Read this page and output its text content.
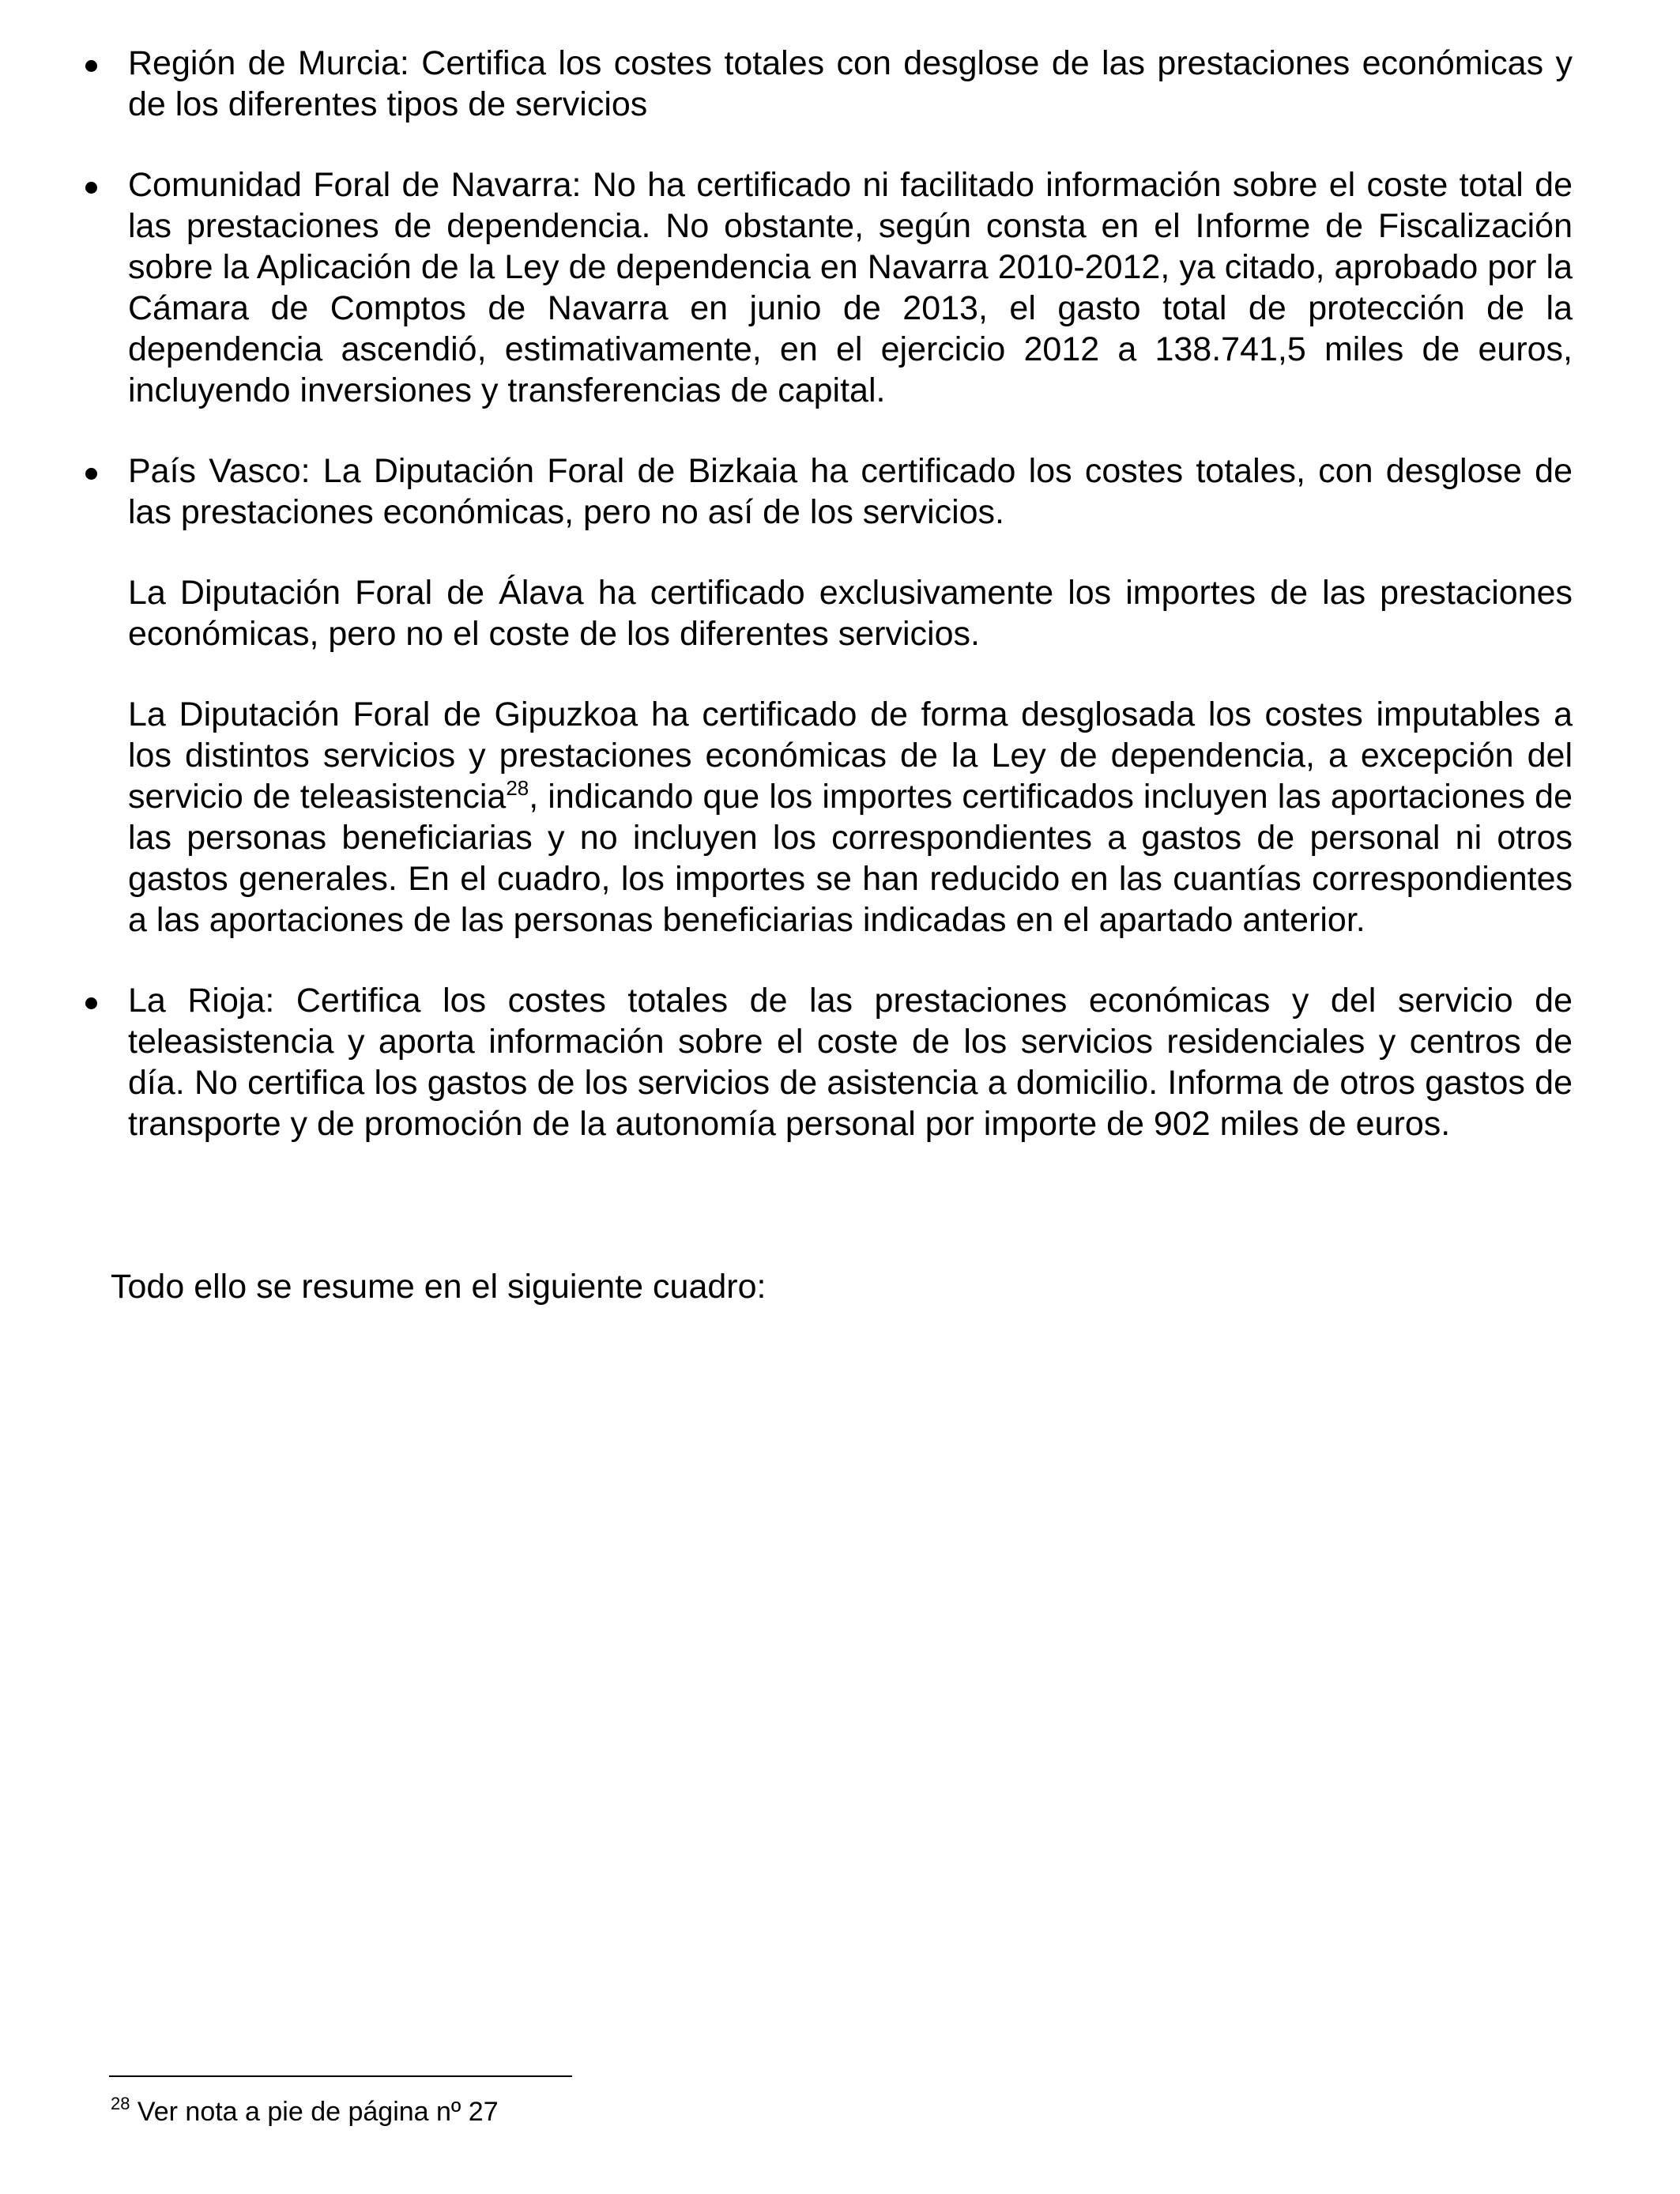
Región de Murcia: Certifica los costes totales con desglose de las prestaciones económicas y de los diferentes tipos de servicios

Comunidad Foral de Navarra: No ha certificado ni facilitado información sobre el coste total de las prestaciones de dependencia. No obstante, según consta en el Informe de Fiscalización sobre la Aplicación de la Ley de dependencia en Navarra 2010-2012, ya citado, aprobado por la Cámara de Comptos de Navarra en junio de 2013, el gasto total de protección de la dependencia ascendió, estimativamente, en el ejercicio 2012 a 138.741,5 miles de euros, incluyendo inversiones y transferencias de capital.

País Vasco: La Diputación Foral de Bizkaia ha certificado los costes totales, con desglose de las prestaciones económicas, pero no así de los servicios.

La Diputación Foral de Álava ha certificado exclusivamente los importes de las prestaciones económicas, pero no el coste de los diferentes servicios.

La Diputación Foral de Gipuzkoa ha certificado de forma desglosada los costes imputables a los distintos servicios y prestaciones económicas de la Ley de dependencia, a excepción del servicio de teleasistencia$^{28}$, indicando que los importes certificados incluyen las aportaciones de las personas beneficiarias y no incluyen los correspondientes a gastos de personal ni otros gastos generales. En el cuadro, los importes se han reducido en las cuantías correspondientes a las aportaciones de las personas beneficiarias indicadas en el apartado anterior.

La Rioja: Certifica los costes totales de las prestaciones económicas y del servicio de teleasistencia y aporta información sobre el coste de los servicios residenciales y centros de día. No certifica los gastos de los servicios de asistencia a domicilio. Informa de otros gastos de transporte y de promoción de la autonomía personal por importe de 902 miles de euros.

Todo ello se resume en el siguiente cuadro:

$^{28}$ Ver nota a pie de página nº 27
